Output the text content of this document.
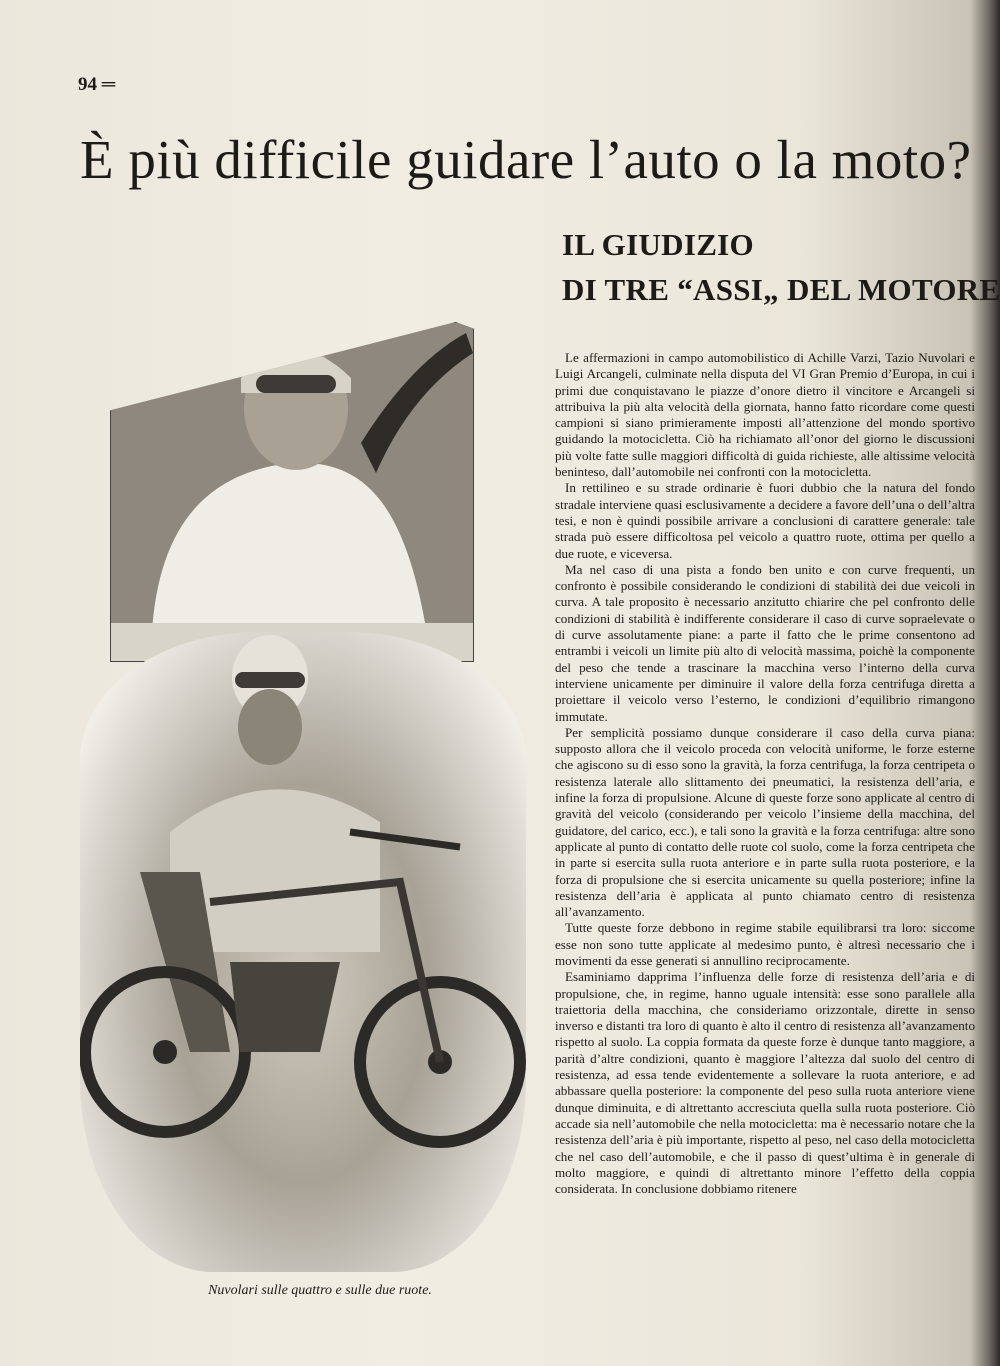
94 ═
È più difficile guidare l’auto o la moto?
IL GIUDIZIO
DI TRE “ASSI„ DEL MOTORE
Nuvolari sulle quattro e sulle due ruote.

Le affermazioni in campo automobilistico di Achille Varzi, Tazio Nuvolari e Luigi Arcangeli, culminate nella disputa del VI Gran Premio d’Europa, in cui i primi due conquistavano le piazze d’onore dietro il vincitore e Arcangeli si attribuiva la più alta velocità della giornata, hanno fatto ricordare come questi campioni si siano primieramente imposti all’attenzione del mondo sportivo guidando la motocicletta. Ciò ha richiamato all’onor del giorno le discussioni più volte fatte sulle maggiori difficoltà di guida richieste, alle altissime velocità beninteso, dall’automobile nei confronti con la motocicletta.

In rettilineo e su strade ordinarie è fuori dubbio che la natura del fondo stradale interviene quasi esclusivamente a decidere a favore dell’una o dell’altra tesi, e non è quindi possibile arrivare a conclusioni di carattere generale: tale strada può essere difficoltosa pel veicolo a quattro ruote, ottima per quello a due ruote, e viceversa.

Ma nel caso di una pista a fondo ben unito e con curve frequenti, un confronto è possibile considerando le condizioni di stabilità dei due veicoli in curva. A tale proposito è necessario anzitutto chiarire che pel confronto delle condizioni di stabilità è indifferente considerare il caso di curve sopraelevate o di curve assolutamente piane: a parte il fatto che le prime consentono ad entrambi i veicoli un limite più alto di velocità massima, poichè la componente del peso che tende a trascinare la macchina verso l’interno della curva interviene unicamente per diminuire il valore della forza centrifuga diretta a proiettare il veicolo verso l’esterno, le condizioni d’equilibrio rimangono immutate.

Per semplicità possiamo dunque considerare il caso della curva piana: supposto allora che il veicolo proceda con velocità uniforme, le forze esterne che agiscono su di esso sono la gravità, la forza centrifuga, la forza centripeta o resistenza laterale allo slittamento dei pneumatici, la resistenza dell’aria, e infine la forza di propulsione. Alcune di queste forze sono applicate al centro di gravità del veicolo (considerando per veicolo l’insieme della macchina, del guidatore, del carico, ecc.), e tali sono la gravità e la forza centrifuga: altre sono applicate al punto di contatto delle ruote col suolo, come la forza centripeta che in parte si esercita sulla ruota anteriore e in parte sulla ruota posteriore, e la forza di propulsione che si esercita unicamente su quella posteriore; infine la resistenza dell’aria è applicata al punto chiamato centro di resistenza all’avanzamento.

Tutte queste forze debbono in regime stabile equilibrarsi tra loro: siccome esse non sono tutte applicate al medesimo punto, è altresì necessario che i movimenti da esse generati si annullino reciprocamente.

Esaminiamo dapprima l’influenza delle forze di resistenza dell’aria e di propulsione, che, in regime, hanno uguale intensità: esse sono parallele alla traiettoria della macchina, che consideriamo orizzontale, dirette in senso inverso e distanti tra loro di quanto è alto il centro di resistenza all’avanzamento rispetto al suolo. La coppia formata da queste forze è dunque tanto maggiore, a parità d’altre condizioni, quanto è maggiore l’altezza dal suolo del centro di resistenza, ad essa tende evidentemente a sollevare la ruota anteriore, e ad abbassare quella posteriore: la componente del peso sulla ruota anteriore viene dunque diminuita, e di altrettanto accresciuta quella sulla ruota posteriore. Ciò accade sia nell’automobile che nella motocicletta: ma è necessario notare che la resistenza dell’aria è più importante, rispetto al peso, nel caso della motocicletta che nel caso dell’automobile, e che il passo di quest’ultima è in generale di molto maggiore, e quindi di altrettanto minore l’effetto della coppia considerata. In conclusione dobbiamo ritenere
